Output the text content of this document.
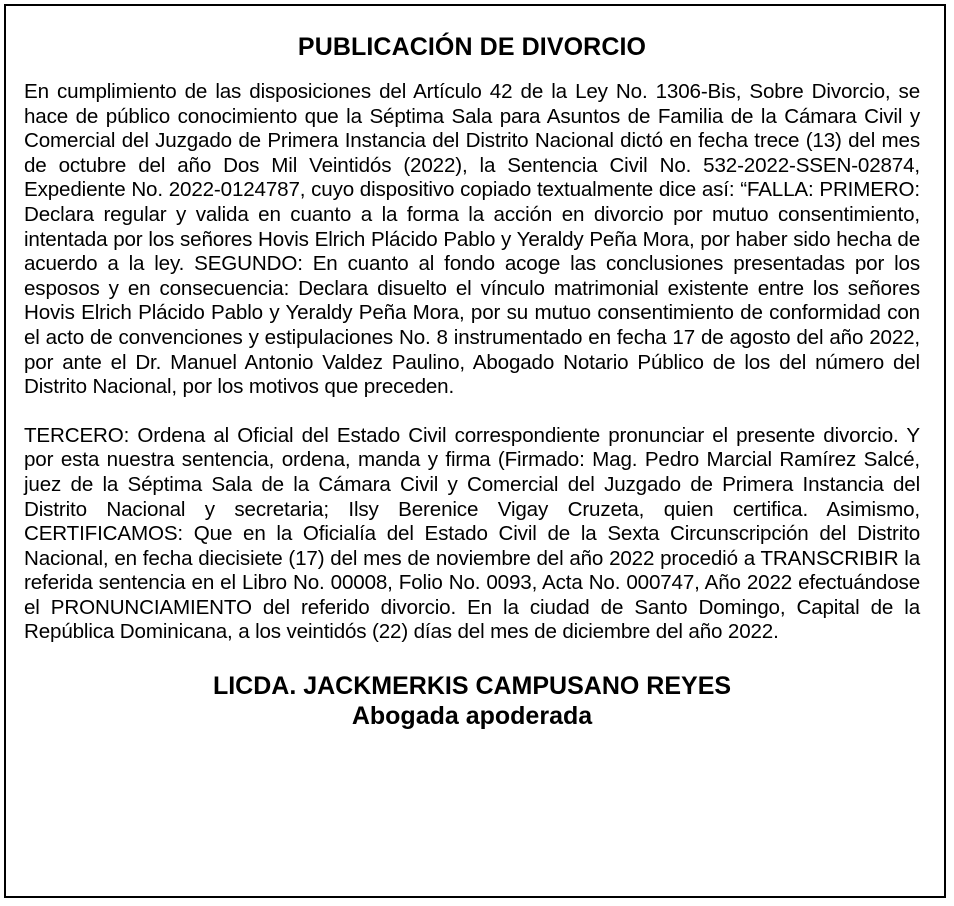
PUBLICACIÓN DE DIVORCIO

En cumplimiento de las disposiciones del Artículo 42 de la Ley No. 1306-Bis, Sobre Divorcio, se hace de público conocimiento que la Séptima Sala para Asuntos de Familia de la Cámara Civil y Comercial del Juzgado de Primera Instancia del Distrito Nacional dictó en fecha trece (13) del mes de octubre del año Dos Mil Veintidós (2022), la Sentencia Civil No. 532-2022-SSEN-02874, Expediente No. 2022-0124787, cuyo dispositivo copiado textualmente dice así: “FALLA: PRIMERO: Declara regular y valida en cuanto a la forma la acción en divorcio por mutuo consentimiento, intentada por los señores Hovis Elrich Plácido Pablo y Yeraldy Peña Mora, por haber sido hecha de acuerdo a la ley. SEGUNDO: En cuanto al fondo acoge las conclusiones presentadas por los esposos y en consecuencia: Declara disuelto el vínculo matrimonial existente entre los señores Hovis Elrich Plácido Pablo y Yeraldy Peña Mora, por su mutuo consentimiento de conformidad con el acto de convenciones y estipulaciones No. 8 instrumentado en fecha 17 de agosto del año 2022, por ante el Dr. Manuel Antonio Valdez Paulino, Abogado Notario Público de los del número del Distrito Nacional, por los motivos que preceden.

TERCERO: Ordena al Oficial del Estado Civil correspondiente pronunciar el presente divorcio. Y por esta nuestra sentencia, ordena, manda y firma (Firmado: Mag. Pedro Marcial Ramírez Salcé, juez de la Séptima Sala de la Cámara Civil y Comercial del Juzgado de Primera Instancia del Distrito Nacional y secretaria; Ilsy Berenice Vigay Cruzeta, quien certifica. Asimismo, CERTIFICAMOS: Que en la Oficialía del Estado Civil de la Sexta Circunscripción del Distrito Nacional, en fecha diecisiete (17) del mes de noviembre del año 2022 procedió a TRANSCRIBIR la referida sentencia en el Libro No. 00008, Folio No. 0093, Acta No. 000747, Año 2022 efectuándose el PRONUNCIAMIENTO del referido divorcio. En la ciudad de Santo Domingo, Capital de la República Dominicana, a los veintidós (22) días del mes de diciembre del año 2022.

LICDA. JACKMERKIS CAMPUSANO REYES
Abogada apoderada
